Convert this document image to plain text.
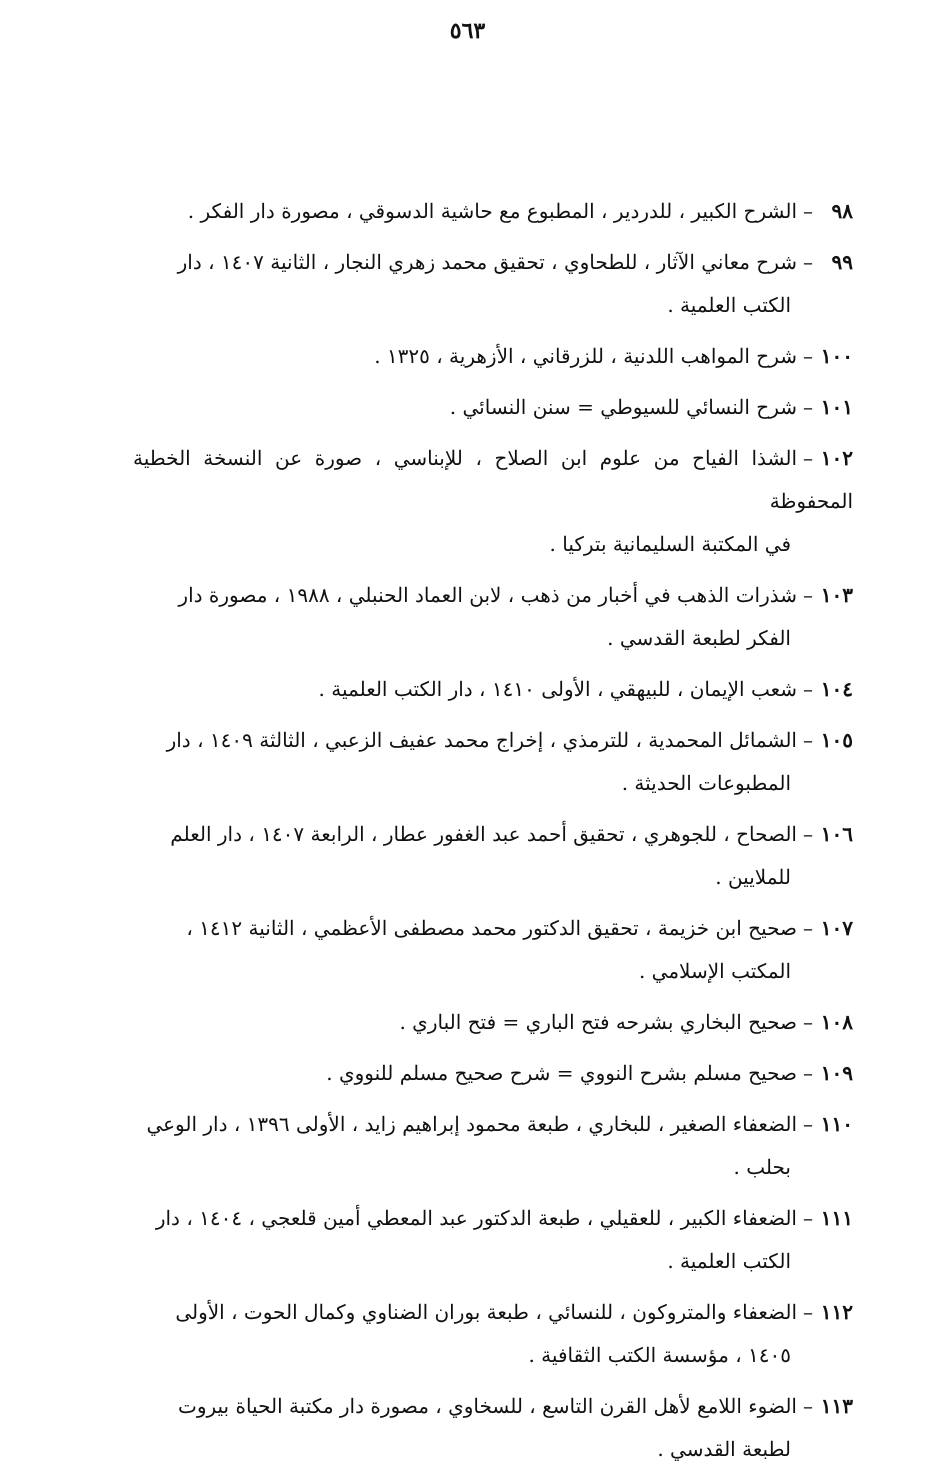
٥٦٣
٩٨–الشرح الكبير ، للدردير ، المطبوع مع حاشية الدسوقي ، مصورة دار الفكر .
٩٩–شرح معاني الآثار ، للطحاوي ، تحقيق محمد زهري النجار ، الثانية ١٤٠٧ ، دار
الكتب العلمية .
١٠٠–شرح المواهب اللدنية ، للزرقاني ، الأزهرية ، ١٣٢٥ .
١٠١–شرح النسائي للسيوطي = سنن النسائي .
١٠٢–الشذا الفياح من علوم ابن الصلاح ، للإبناسي ، صورة عن النسخة الخطية المحفوظة
في المكتبة السليمانية بتركيا .
١٠٣–شذرات الذهب في أخبار من ذهب ، لابن العماد الحنبلي ، ١٩٨٨ ، مصورة دار
الفكر لطبعة القدسي .
١٠٤–شعب الإيمان ، للبيهقي ، الأولى ١٤١٠ ، دار الكتب العلمية .
١٠٥–الشمائل المحمدية ، للترمذي ، إخراج محمد عفيف الزعبي ، الثالثة ١٤٠٩ ، دار
المطبوعات الحديثة .
١٠٦–الصحاح ، للجوهري ، تحقيق أحمد عبد الغفور عطار ، الرابعة ١٤٠٧ ، دار العلم
للملايين .
١٠٧–صحيح ابن خزيمة ، تحقيق الدكتور محمد مصطفى الأعظمي ، الثانية ١٤١٢ ،
المكتب الإسلامي .
١٠٨–صحيح البخاري بشرحه فتح الباري = فتح الباري .
١٠٩–صحيح مسلم بشرح النووي = شرح صحيح مسلم للنووي .
١١٠–الضعفاء الصغير ، للبخاري ، طبعة محمود إبراهيم زايد ، الأولى ١٣٩٦ ، دار الوعي
بحلب .
١١١–الضعفاء الكبير ، للعقيلي ، طبعة الدكتور عبد المعطي أمين قلعجي ، ١٤٠٤ ، دار
الكتب العلمية .
١١٢–الضعفاء والمتروكون ، للنسائي ، طبعة بوران الضناوي وكمال الحوت ، الأولى
١٤٠٥ ، مؤسسة الكتب الثقافية .
١١٣–الضوء اللامع لأهل القرن التاسع ، للسخاوي ، مصورة دار مكتبة الحياة بيروت
لطبعة القدسي .
